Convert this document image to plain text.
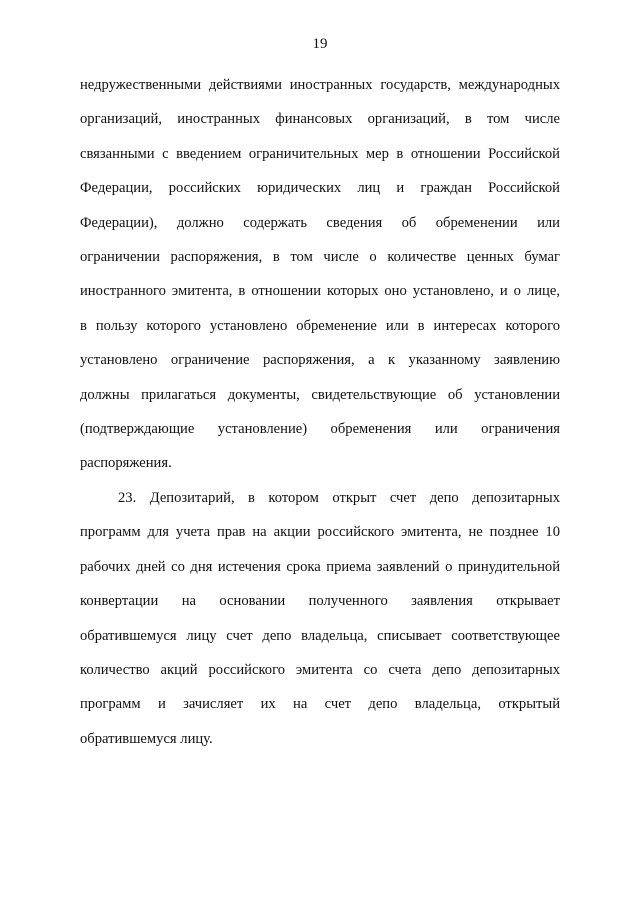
19
недружественными действиями иностранных государств, международных
организаций, иностранных финансовых организаций, в том числе
связанными с введением ограничительных мер в отношении Российской
Федерации, российских юридических лиц и граждан Российской
Федерации), должно содержать сведения об обременении или
ограничении распоряжения, в том числе о количестве ценных бумаг
иностранного эмитента, в отношении которых оно установлено, и о лице,
в пользу которого установлено обременение или в интересах которого
установлено ограничение распоряжения, а к указанному заявлению
должны прилагаться документы, свидетельствующие об установлении
(подтверждающие установление) обременения или ограничения
распоряжения.
23. Депозитарий, в котором открыт счет депо депозитарных
программ для учета прав на акции российского эмитента, не позднее 10
рабочих дней со дня истечения срока приема заявлений о принудительной
конвертации на основании полученного заявления открывает
обратившемуся лицу счет депо владельца, списывает соответствующее
количество акций российского эмитента со счета депо депозитарных
программ и зачисляет их на счет депо владельца, открытый
обратившемуся лицу.
